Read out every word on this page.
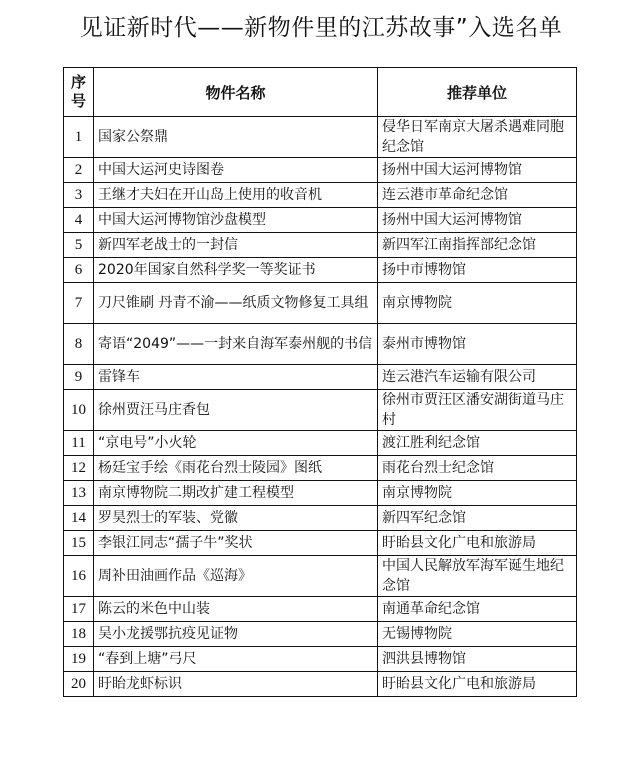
见证新时代——新物件里的江苏故事”入选名单
序号	物件名称	推荐单位
1	国家公祭鼎	侵华日军南京大屠杀遇难同胞纪念馆
2	中国大运河史诗图卷	扬州中国大运河博物馆
3	王继才夫妇在开山岛上使用的收音机	连云港市革命纪念馆
4	中国大运河博物馆沙盘模型	扬州中国大运河博物馆
5	新四军老战士的一封信	新四军江南指挥部纪念馆
6	2020年国家自然科学奖一等奖证书	扬中市博物馆
7	刀尺锥刷 丹青不渝——纸质文物修复工具组	南京博物院
8	寄语“2049”——一封来自海军泰州舰的书信	泰州市博物馆
9	雷锋车	连云港汽车运输有限公司
10	徐州贾汪马庄香包	徐州市贾汪区潘安湖街道马庄村
11	“京电号”小火轮	渡江胜利纪念馆
12	杨廷宝手绘《雨花台烈士陵园》图纸	雨花台烈士纪念馆
13	南京博物院二期改扩建工程模型	南京博物院
14	罗昊烈士的军装、党徽	新四军纪念馆
15	李银江同志“孺子牛”奖状	盱眙县文化广电和旅游局
16	周补田油画作品《巡海》	中国人民解放军海军诞生地纪念馆
17	陈云的米色中山装	南通革命纪念馆
18	吴小龙援鄂抗疫见证物	无锡博物院
19	“春到上塘”弓尺	泗洪县博物馆
20	盱眙龙虾标识	盱眙县文化广电和旅游局
